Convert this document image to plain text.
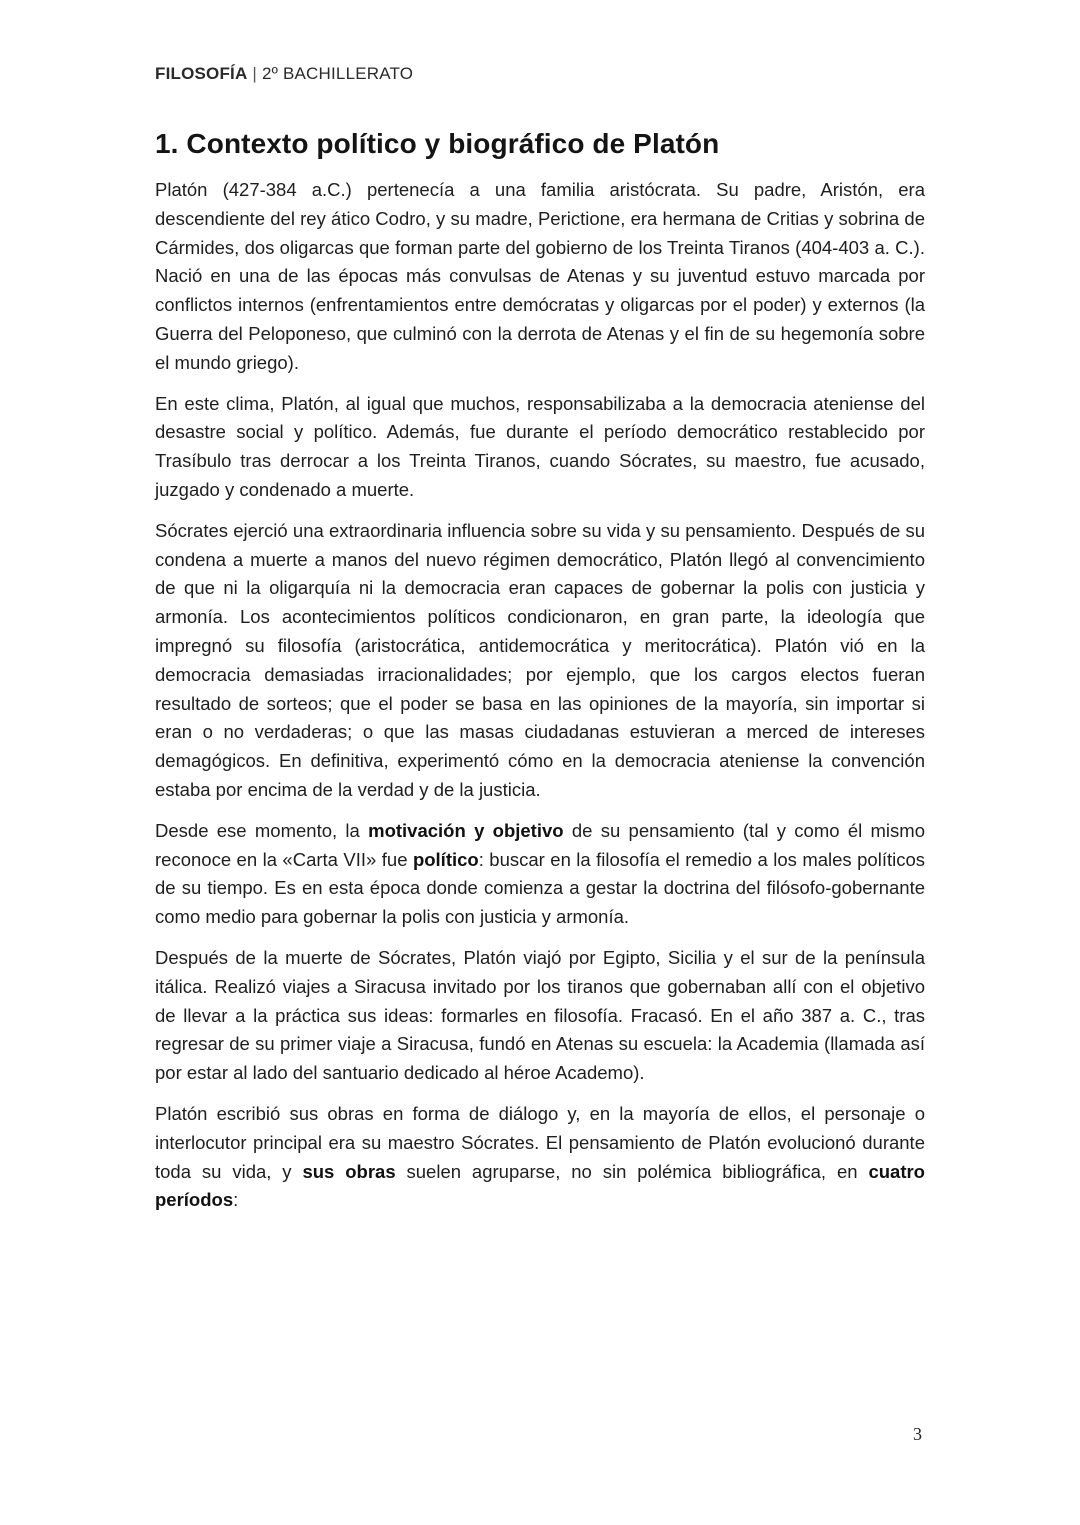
FILOSOFÍA | 2º BACHILLERATO
1. Contexto político y biográfico de Platón

Platón (427-384 a.C.) pertenecía a una familia aristócrata. Su padre, Aristón, era descendiente del rey ático Codro, y su madre, Perictione, era hermana de Critias y sobrina de Cármides, dos oligarcas que forman parte del gobierno de los Treinta Tiranos (404-403 a. C.). Nació en una de las épocas más convulsas de Atenas y su juventud estuvo marcada por conflictos internos (enfrentamientos entre demócratas y oligarcas por el poder) y externos (la Guerra del Peloponeso, que culminó con la derrota de Atenas y el fin de su hegemonía sobre el mundo griego).

En este clima, Platón, al igual que muchos, responsabilizaba a la democracia ateniense del desastre social y político. Además, fue durante el período democrático restablecido por Trasíbulo tras derrocar a los Treinta Tiranos, cuando Sócrates, su maestro, fue acusado, juzgado y condenado a muerte.

Sócrates ejerció una extraordinaria influencia sobre su vida y su pensamiento. Después de su condena a muerte a manos del nuevo régimen democrático, Platón llegó al convencimiento de que ni la oligarquía ni la democracia eran capaces de gobernar la polis con justicia y armonía. Los acontecimientos políticos condicionaron, en gran parte, la ideología que impregnó su filosofía (aristocrática, antidemocrática y meritocrática). Platón vió en la democracia demasiadas irracionalidades; por ejemplo, que los cargos electos fueran resultado de sorteos; que el poder se basa en las opiniones de la mayoría, sin importar si eran o no verdaderas; o que las masas ciudadanas estuvieran a merced de intereses demagógicos. En definitiva, experimentó cómo en la democracia ateniense la convención estaba por encima de la verdad y de la justicia.

Desde ese momento, la motivación y objetivo de su pensamiento (tal y como él mismo reconoce en la «Carta VII» fue político: buscar en la filosofía el remedio a los males políticos de su tiempo. Es en esta época donde comienza a gestar la doctrina del filósofo-gobernante como medio para gobernar la polis con justicia y armonía.

Después de la muerte de Sócrates, Platón viajó por Egipto, Sicilia y el sur de la península itálica. Realizó viajes a Siracusa invitado por los tiranos que gobernaban allí con el objetivo de llevar a la práctica sus ideas: formarles en filosofía. Fracasó. En el año 387 a. C., tras regresar de su primer viaje a Siracusa, fundó en Atenas su escuela: la Academia (llamada así por estar al lado del santuario dedicado al héroe Academo).

Platón escribió sus obras en forma de diálogo y, en la mayoría de ellos, el personaje o interlocutor principal era su maestro Sócrates. El pensamiento de Platón evolucionó durante toda su vida, y sus obras suelen agruparse, no sin polémica bibliográfica, en cuatro períodos:

3
